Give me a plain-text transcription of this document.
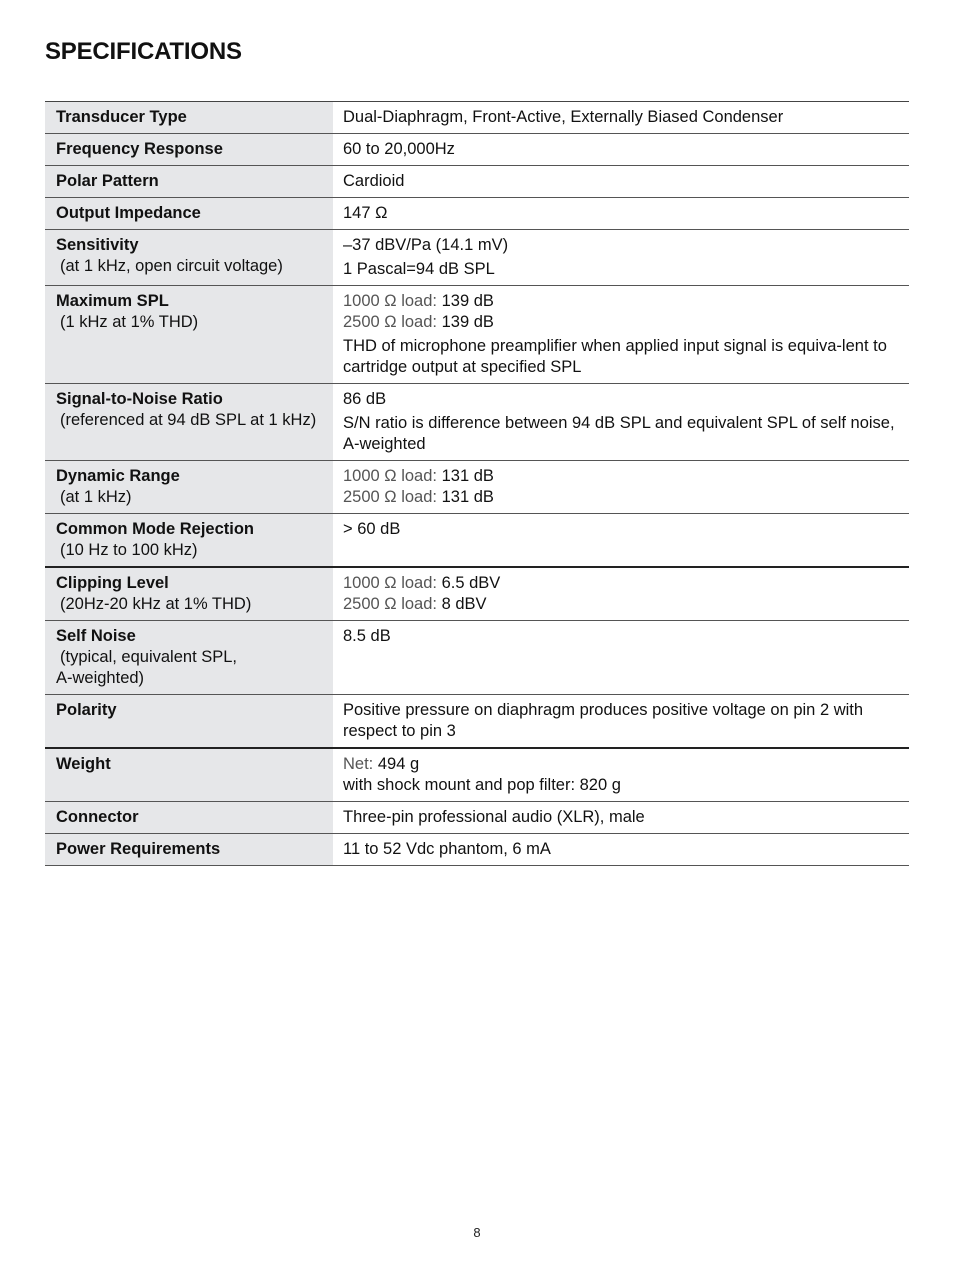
SPECIFICATIONS
Transducer Type	Dual-Diaphragm, Front-Active, Externally Biased Condenser

Frequency Response	60 to 20,000Hz

Polar Pattern	Cardioid

Output Impedance	147 Ω

Sensitivity
(at 1 kHz, open circuit voltage)	–37 dBV/Pa (14.1 mV)
1 Pascal=94 dB SPL

Maximum SPL
(1 kHz at 1% THD)	1000 Ω load: 139 dB
2500 Ω load: 139 dB
THD of microphone preamplifier when applied input signal is equiva-lent to cartridge output at specified SPL

Signal-to-Noise Ratio
(referenced at 94 dB SPL at 1 kHz)	86 dB
S/N ratio is difference between 94 dB SPL and equivalent SPL of self noise, A-weighted

Dynamic Range
(at 1 kHz)	1000 Ω load: 131 dB
2500 Ω load: 131 dB

Common Mode Rejection
(10 Hz to 100 kHz)	> 60 dB

Clipping Level
(20Hz-20 kHz at 1% THD)	1000 Ω load: 6.5 dBV
2500 Ω load: 8 dBV

Self Noise
(typical, equivalent SPL,
A-weighted)	8.5 dB

Polarity	Positive pressure on diaphragm produces positive voltage on pin 2 with respect to pin 3

Weight	Net: 494 g
with shock mount and pop filter: 820 g

Connector	Three-pin professional audio (XLR), male

Power Requirements	11 to 52 Vdc phantom, 6 mA
8
